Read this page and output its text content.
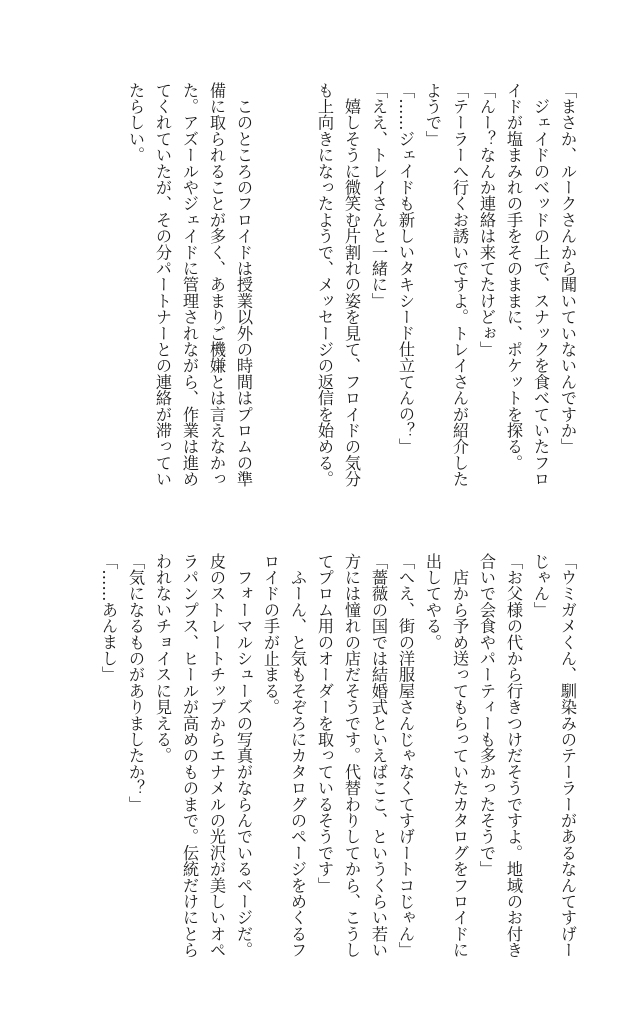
「まさか、ルークさんから聞いていないんですか」
　ジェイドのベッドの上で、スナックを食べていたフロ
イドが塩まみれの手をそのままに、ポケットを探る。
「んー？なんか連絡は来てたけどぉ」
「テーラーへ行くお誘いですよ。トレイさんが紹介した
ようで」
「……ジェイドも新しいタキシード仕立てんの？」
「ええ、トレイさんと一緒に」
　嬉しそうに微笑む片割れの姿を見て、フロイドの気分
も上向きになったようで、メッセージの返信を始める。
　このところのフロイドは授業以外の時間はプロムの準
備に取られることが多く、あまりご機嫌とは言えなかっ
た。アズールやジェイドに管理されながら、作業は進め
てくれていたが、その分パートナーとの連絡が滞ってい
たらしい。
「ウミガメくん、馴染みのテーラーがあるなんてすげー
じゃん」
「お父様の代から行きつけだそうですよ。地域のお付き
合いで会食やパーティーも多かったそうで」
　店から予め送ってもらっていたカタログをフロイドに
出してやる。
「へえ、街の洋服屋さんじゃなくてすげートコじゃん」
「薔薇の国では結婚式といえばここ、というくらい若い
方には憧れの店だそうです。代替わりしてから、こうし
てプロム用のオーダーを取っているそうです」
　ふーん、と気もそぞろにカタログのページをめくるフ
ロイドの手が止まる。
　フォーマルシューズの写真がならんでいるページだ。
皮のストレートチップからエナメルの光沢が美しいオペ
ラパンプス、ヒールが高めのものまで。伝統だけにとら
われないチョイスに見える。
「気になるものがありましたか？」
「……あんまし」
